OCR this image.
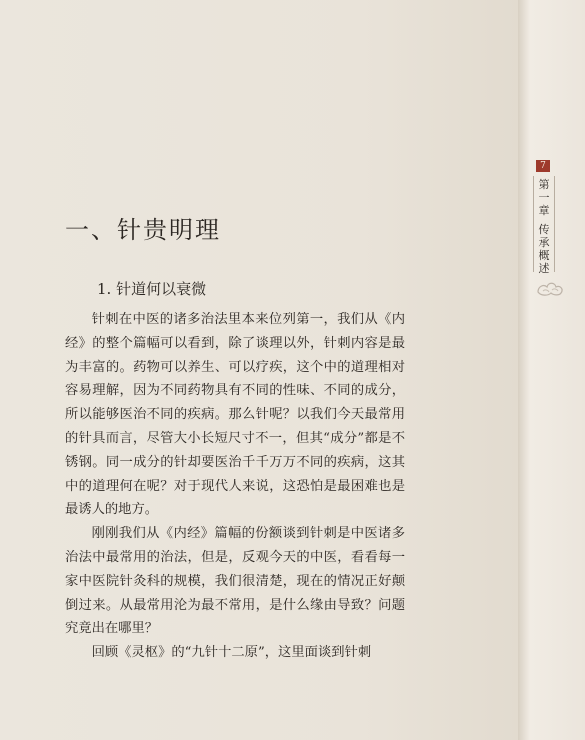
一、针贵明理
1. 针道何以衰微

针刺在中医的诸多治法里本来位列第一，我们从《内经》的整个篇幅可以看到，除了谈理以外，针刺内容是最为丰富的。药物可以养生、可以疗疾，这个中的道理相对容易理解，因为不同药物具有不同的性味、不同的成分，所以能够医治不同的疾病。那么针呢？以我们今天最常用的针具而言，尽管大小长短尺寸不一，但其“成分”都是不锈钢。同一成分的针却要医治千千万万不同的疾病，这其中的道理何在呢？对于现代人来说，这恐怕是最困难也是最诱人的地方。

刚刚我们从《内经》篇幅的份额谈到针刺是中医诸多治法中最常用的治法，但是，反观今天的中医，看看每一家中医院针灸科的规模，我们很清楚，现在的情况正好颠倒过来。从最常用沦为最不常用，是什么缘由导致？问题究竟出在哪里？

回顾《灵枢》的“九针十二原”，这里面谈到针刺

7
第
一
章
传
承
概
述
